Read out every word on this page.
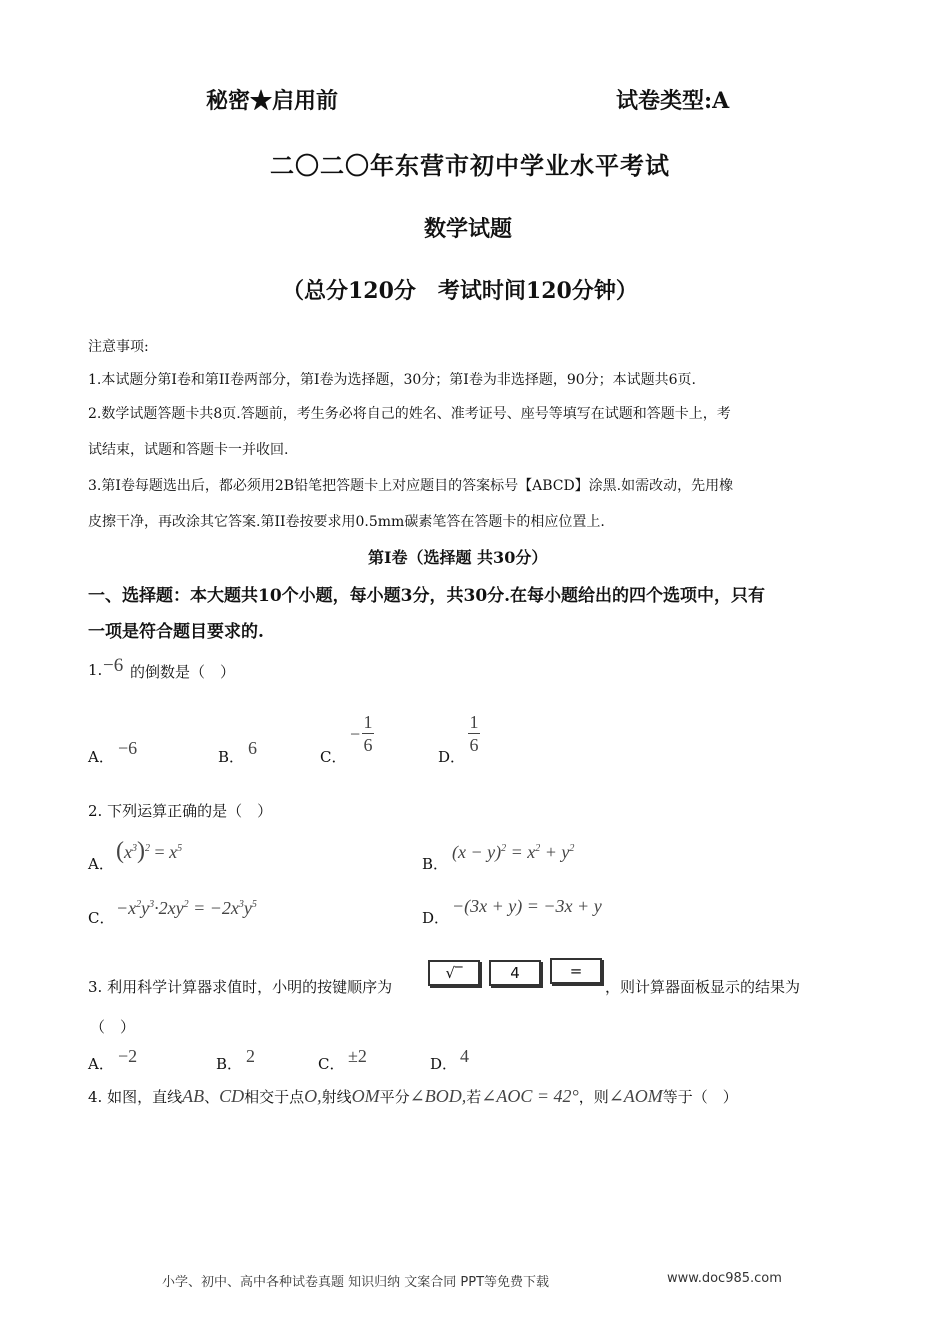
秘密★启用前	试卷类型:A
二〇二〇年东营市初中学业水平考试
数学试题
（总分120分　考试时间120分钟）
注意事项:
1.本试题分第Ⅰ卷和第II卷两部分，第Ⅰ卷为选择题，30分；第Ⅰ卷为非选择题，90分；本试题共6页.
2.数学试题答题卡共8页.答题前，考生务必将自己的姓名、准考证号、座号等填写在试题和答题卡上，考
试结束，试题和答题卡一并收回.
3.第Ⅰ卷每题选出后，都必须用2B铅笔把答题卡上对应题目的答案标号【ABCD】涂黑.如需改动，先用橡
皮擦干净，再改涂其它答案.第II卷按要求用0.5mm碳素笔答在答题卡的相应位置上.
第Ⅰ卷（选择题 共30分）
一、选择题：本大题共10个小题，每小题3分，共30分.在每小题给出的四个选项中，只有
一项是符合题目要求的.
1. −6 的倒数是（　）
A． −6	B． 6	C．
−
1
6
D．
1
6
2. 下列运算正确的是（　）
A． $(x^3)^2 = x^5$
B．
$(x - y)^2 = x^2 + y^2$
C． $-x^2y^3\cdot 2xy^2 = -2x^3y^5$
D．
−(3x + y) = −3x + y
3. 利用科学计算器求值时，小明的按键顺序为
√‾	4	=
，则计算器面板显示的结果为
（　）
A． −2	B． 2	C． ±2	D． 4
4. 如图，直线AB、CD相交于点O,射线OM平分∠BOD,若∠AOC = 42°，则∠AOM等于（　）
小学、初中、高中各种试卷真题 知识归纳 文案合同 PPT等免费下载	www.doc985.com
